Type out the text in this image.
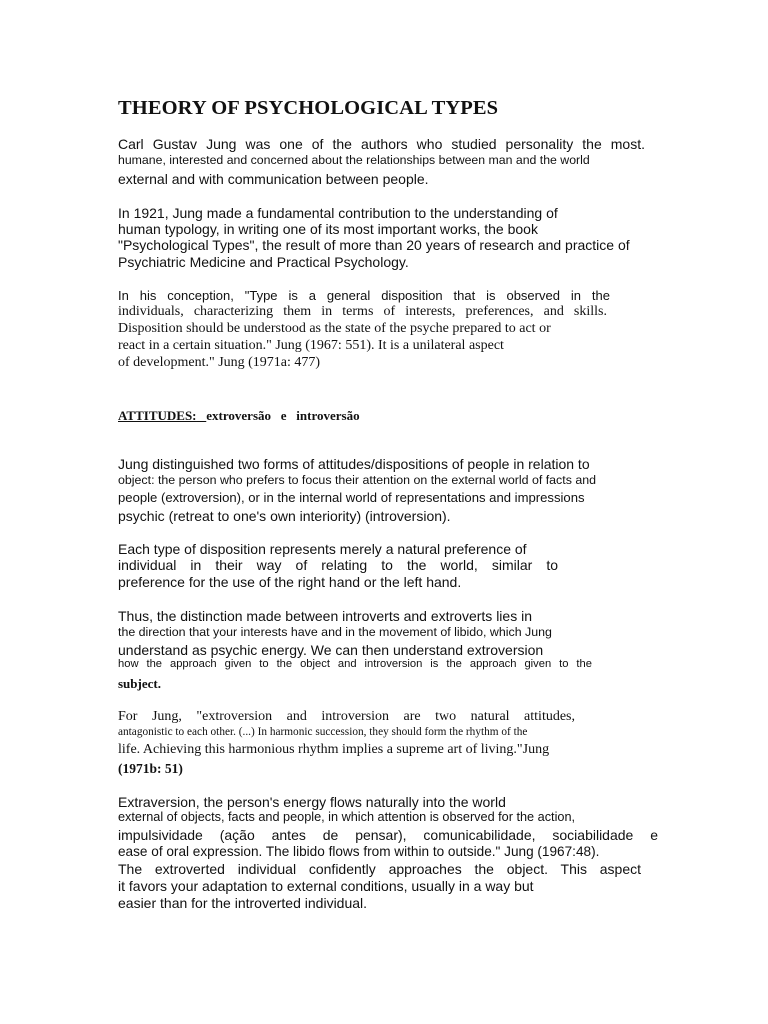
THEORY OF PSYCHOLOGICAL TYPES
Carl Gustav Jung was one of the authors who studied personality the most.
humane, interested and concerned about the relationships between man and the world
external and with communication between people.
In 1921, Jung made a fundamental contribution to the understanding of
human typology, in writing one of its most important works, the book
"Psychological Types", the result of more than 20 years of research and practice of
Psychiatric Medicine and Practical Psychology.
In his conception, "Type is a general disposition that is observed in the
individuals, characterizing them in terms of interests, preferences, and skills.
Disposition should be understood as the state of the psyche prepared to act or
react in a certain situation." Jung (1967: 551). It is a unilateral aspect
of development." Jung (1971a: 477)
ATTITUDES: extroversão   e   introversão
Jung distinguished two forms of attitudes/dispositions of people in relation to
object: the person who prefers to focus their attention on the external world of facts and
people (extroversion), or in the internal world of representations and impressions
psychic (retreat to one's own interiority) (introversion).
Each type of disposition represents merely a natural preference of
individual in their way of relating to the world, similar to
preference for the use of the right hand or the left hand.
Thus, the distinction made between introverts and extroverts lies in
the direction that your interests have and in the movement of libido, which Jung
understand as psychic energy. We can then understand extroversion
how the approach given to the object and introversion is the approach given to the
subject.
For Jung, "extroversion and introversion are two natural attitudes,
antagonistic to each other. (...) In harmonic succession, they should form the rhythm of the
life. Achieving this harmonious rhythm implies a supreme art of living."Jung
(1971b: 51)
Extraversion, the person's energy flows naturally into the world
external of objects, facts and people, in which attention is observed for the action,
impulsividade (ação antes de pensar), comunicabilidade, sociabilidade e
ease of oral expression. The libido flows from within to outside." Jung (1967:48).
The extroverted individual confidently approaches the object. This aspect
it favors your adaptation to external conditions, usually in a way but
easier than for the introverted individual.
